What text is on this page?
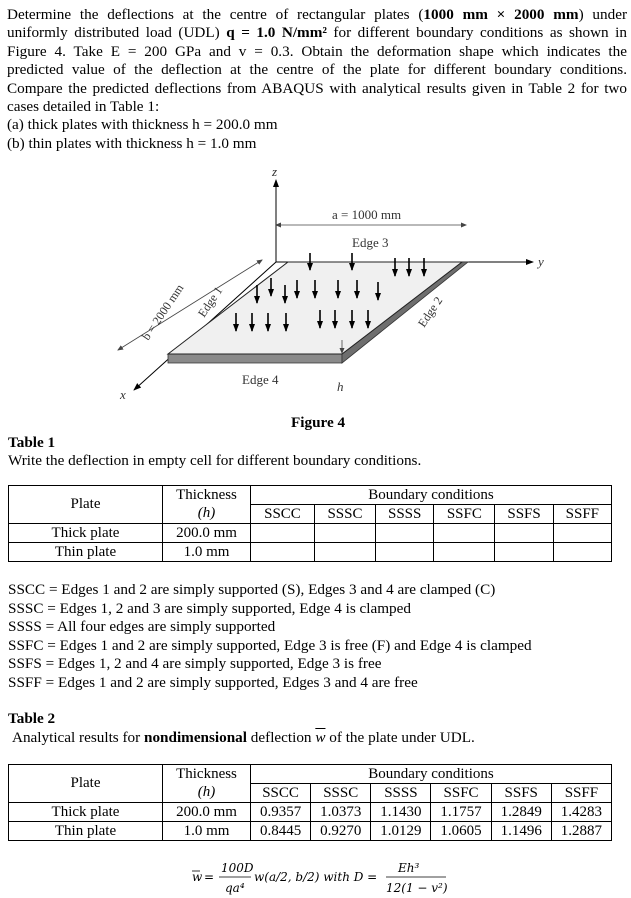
Determine the deflections at the centre of rectangular plates (1000 mm × 2000 mm) under
uniformly distributed load (UDL) q = 1.0 N/mm² for different boundary conditions as shown in
Figure 4. Take E = 200 GPa and v = 0.3. Obtain the deformation shape which indicates the
predicted value of the deflection at the centre of the plate for different boundary conditions.
Compare the predicted deflections from ABAQUS with analytical results given in Table 2 for two
cases detailed in Table 1:
(a) thick plates with thickness h = 200.0 mm
(b) thin plates with thickness h = 1.0 mm
z
y
x
a = 1000 mm
Edge 3
Edge 4	h
b = 2000 mm Edge 1	Edge 2
Figure 4
Table 1
Write the deflection in empty cell for different boundary conditions.
Plate	Thickness	Boundary conditions					
	(h)	SSCC	SSSC	SSSS	SSFC	SSFS	SSFF
Thick plate	200.0 mm						
Thin plate	1.0 mm						
SSCC = Edges 1 and 2 are simply supported (S), Edges 3 and 4 are clamped (C)
SSSC = Edges 1, 2 and 3 are simply supported, Edge 4 is clamped
SSSS = All four edges are simply supported
SSFC = Edges 1 and 2 are simply supported, Edge 3 is free (F) and Edge 4 is clamped
SSFS = Edges 1, 2 and 4 are simply supported, Edge 3 is free
SSFF = Edges 1 and 2 are simply supported, Edges 3 and 4 are free
Table 2
Analytical results for nondimensional deflection $\overline{w}$ of the plate under UDL.
Plate	Thickness	Boundary conditions					
	(h)	SSCC	SSSC	SSSS	SSFC	SSFS	SSFF
Thick plate	200.0 mm	0.9357	1.0373	1.1430	1.1757	1.2849	1.4283
Thin plate	1.0 mm	0.8445	0.9270	1.0129	1.0605	1.1496	1.2887
w =
100D
qa⁴
w(a/2, b/2) with D =
Eh³
12(1 − v²)
